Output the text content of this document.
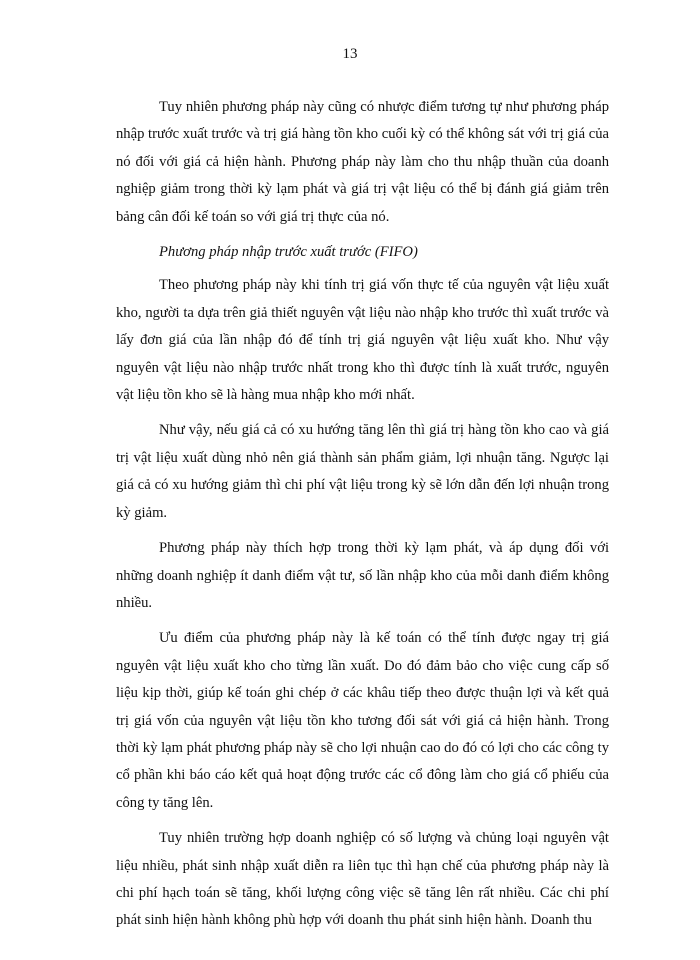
13

Tuy nhiên phương pháp này cũng có nhược điểm tương tự như phương pháp nhập trước xuất trước và trị giá hàng tồn kho cuối kỳ có thể không sát với trị giá của nó đối với giá cả hiện hành. Phương pháp này làm cho thu nhập thuần của doanh nghiệp giảm trong thời kỳ lạm phát và giá trị vật liệu có thể bị đánh giá giảm trên bảng cân đối kế toán so với giá trị thực của nó.

Phương pháp nhập trước xuất trước (FIFO)

Theo phương pháp này khi tính trị giá vốn thực tế của nguyên vật liệu xuất kho, người ta dựa trên giả thiết nguyên vật liệu nào nhập kho trước thì xuất trước và lấy đơn giá của lần nhập đó để tính trị giá nguyên vật liệu xuất kho. Như vậy nguyên vật liệu nào nhập trước nhất trong kho thì được tính là xuất trước, nguyên vật liệu tồn kho sẽ là hàng mua nhập kho mới nhất.

Như vậy, nếu giá cả có xu hướng tăng lên thì giá trị hàng tồn kho cao và giá trị vật liệu xuất dùng nhỏ nên giá thành sản phẩm giảm, lợi nhuận tăng. Ngược lại giá cả có xu hướng giảm thì chi phí vật liệu trong kỳ sẽ lớn dẫn đến lợi nhuận trong kỳ giảm.

Phương pháp này thích hợp trong thời kỳ lạm phát, và áp dụng đối với những doanh nghiệp ít danh điểm vật tư, số lần nhập kho của mỗi danh điểm không nhiều.

Ưu điểm của phương pháp này là kế toán có thể tính được ngay trị giá nguyên vật liệu xuất kho cho từng lần xuất. Do đó đảm bảo cho việc cung cấp số liệu kịp thời, giúp kế toán ghi chép ở các khâu tiếp theo được thuận lợi và kết quả trị giá vốn của nguyên vật liệu tồn kho tương đối sát với giá cả hiện hành. Trong thời kỳ lạm phát phương pháp này sẽ cho lợi nhuận cao do đó có lợi cho các công ty cổ phần khi báo cáo kết quả hoạt động trước các cổ đông làm cho giá cổ phiếu của công ty tăng lên.

Tuy nhiên trường hợp doanh nghiệp có số lượng và chủng loại nguyên vật liệu nhiều, phát sinh nhập xuất diễn ra liên tục thì hạn chế của phương pháp này là chi phí hạch toán sẽ tăng, khối lượng công việc sẽ tăng lên rất nhiều. Các chi phí phát sinh hiện hành không phù hợp với doanh thu phát sinh hiện hành. Doanh thu
